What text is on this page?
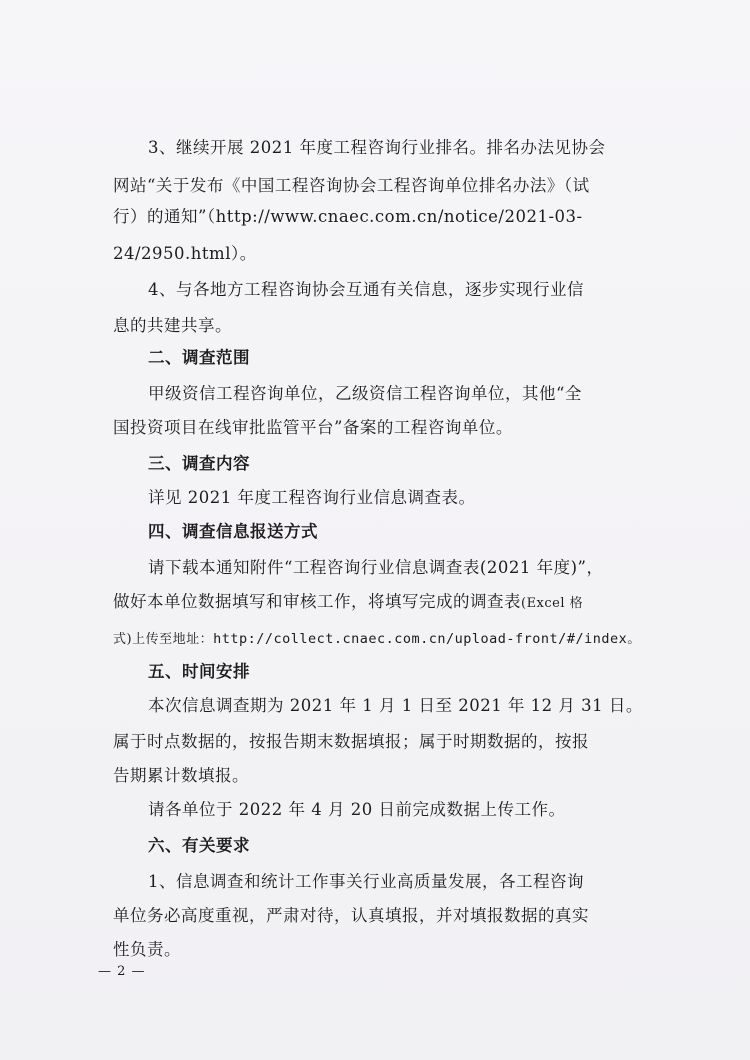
3、继续开展 2021 年度工程咨询行业排名。排名办法见协会
网站“关于发布《中国工程咨询协会工程咨询单位排名办法》（试
行）的通知”（http://www.cnaec.com.cn/notice/2021-03-
24/2950.html）。
4、与各地方工程咨询协会互通有关信息，逐步实现行业信
息的共建共享。
二、调查范围
甲级资信工程咨询单位，乙级资信工程咨询单位，其他“全
国投资项目在线审批监管平台”备案的工程咨询单位。
三、调查内容
详见 2021 年度工程咨询行业信息调查表。
四、调查信息报送方式
请下载本通知附件“工程咨询行业信息调查表(2021 年度)”，
做好本单位数据填写和审核工作，将填写完成的调查表(Excel 格
式)上传至地址：http://collect.cnaec.com.cn/upload-front/#/index。
五、时间安排
本次信息调查期为 2021 年 1 月 1 日至 2021 年 12 月 31 日。
属于时点数据的，按报告期末数据填报；属于时期数据的，按报
告期累计数填报。
请各单位于 2022 年 4 月 20 日前完成数据上传工作。
六、有关要求
1、信息调查和统计工作事关行业高质量发展，各工程咨询
单位务必高度重视，严肃对待，认真填报，并对填报数据的真实
性负责。
— 2 —
